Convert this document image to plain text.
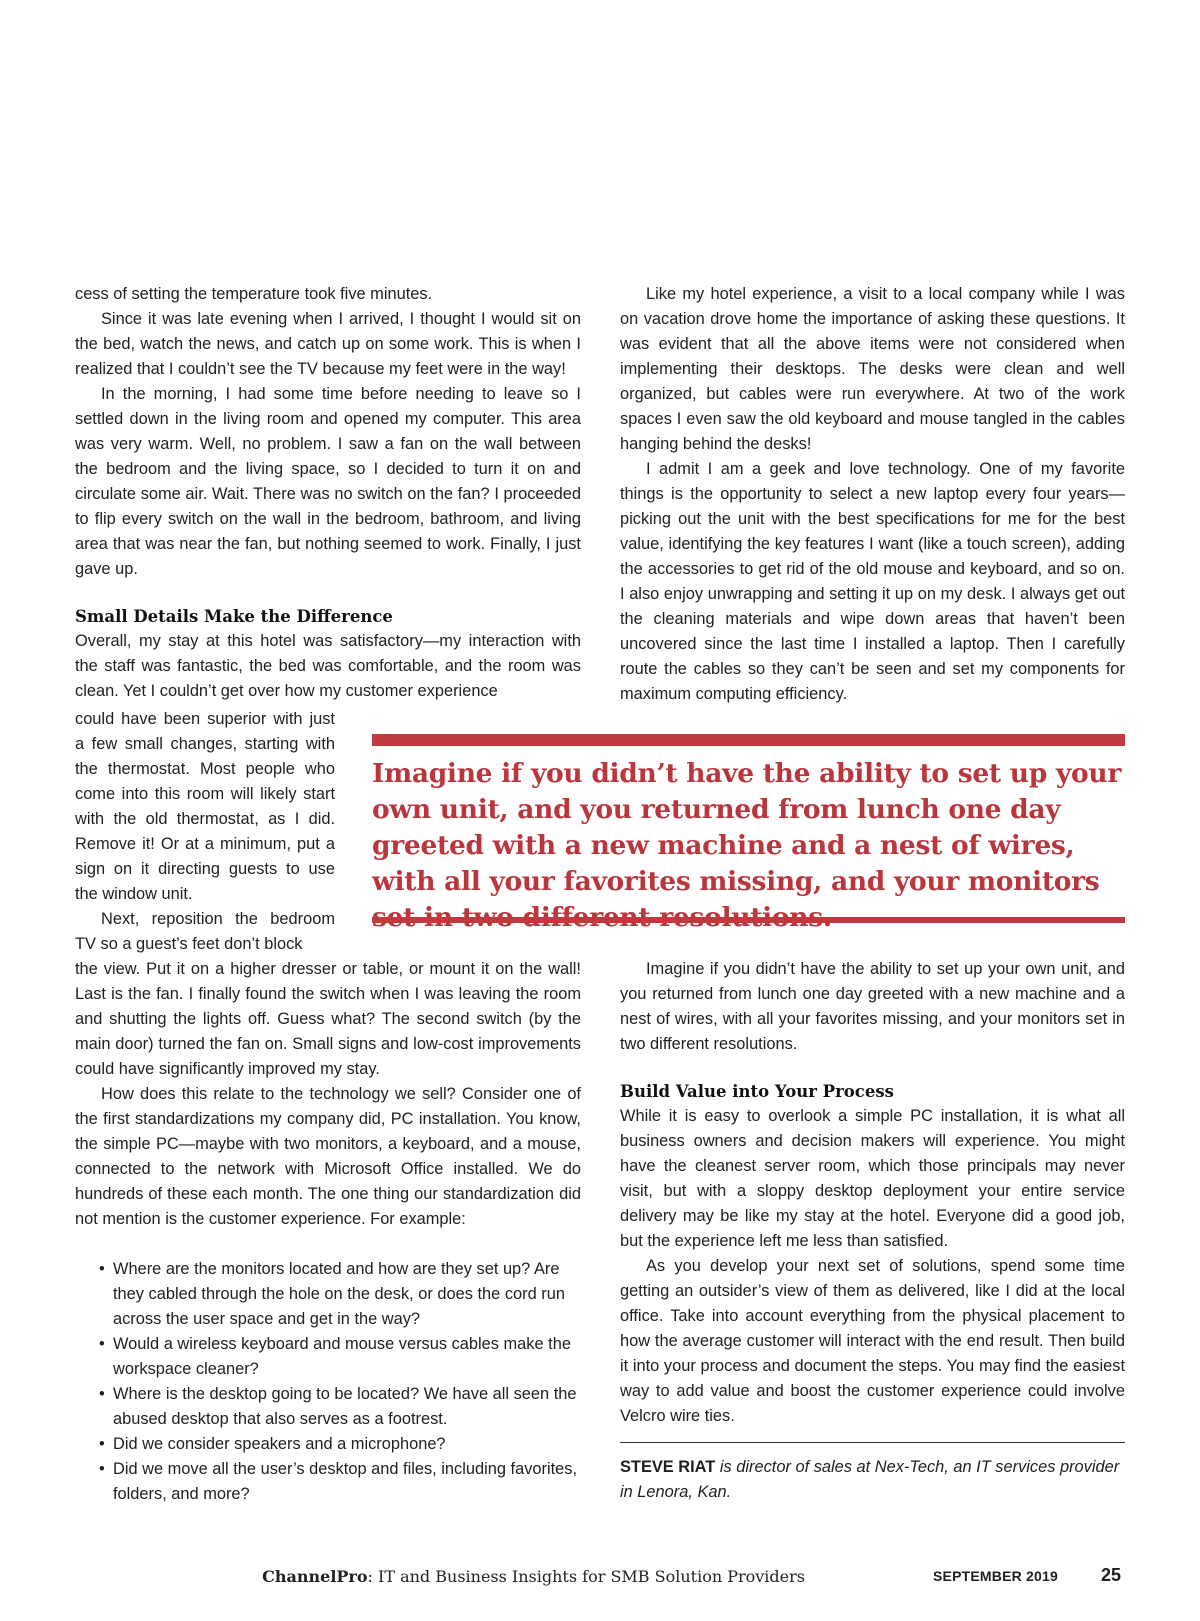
cess of setting the temperature took five minutes.

Since it was late evening when I arrived, I thought I would sit on the bed, watch the news, and catch up on some work. This is when I realized that I couldn’t see the TV because my feet were in the way!

In the morning, I had some time before needing to leave so I settled down in the living room and opened my computer. This area was very warm. Well, no problem. I saw a fan on the wall between the bedroom and the living space, so I decided to turn it on and circulate some air. Wait. There was no switch on the fan? I proceeded to flip every switch on the wall in the bedroom, bathroom, and living area that was near the fan, but nothing seemed to work. Finally, I just gave up.

Small Details Make the Difference

Overall, my stay at this hotel was satisfactory—my interaction with the staff was fantastic, the bed was comfortable, and the room was clean. Yet I couldn’t get over how my customer experience

could have been superior with just a few small changes, starting with the thermostat. Most people who come into this room will likely start with the old thermostat, as I did. Remove it! Or at a minimum, put a sign on it directing guests to use the window unit.

Next, reposition the bedroom TV so a guest’s feet don’t block

Imagine if you didn’t have the ability to set up your own unit, and you returned from lunch one day greeted with a new machine and a nest of wires, with all your favorites missing, and your monitors

the view. Put it on a higher dresser or table, or mount it on the wall! Last is the fan. I finally found the switch when I was leaving the room and shutting the lights off. Guess what? The second switch (by the main door) turned the fan on. Small signs and low-cost improvements could have significantly improved my stay.

How does this relate to the technology we sell? Consider one of the first standardizations my company did, PC installation. You know, the simple PC—maybe with two monitors, a keyboard, and a mouse, connected to the network with Microsoft Office installed. We do hundreds of these each month. The one thing our standardization did not mention is the customer experience. For example:

• Where are the monitors located and how are they set up? Are they cabled through the hole on the desk, or does the cord run across the user space and get in the way?
• Would a wireless keyboard and mouse versus cables make the workspace cleaner?
• Where is the desktop going to be located? We have all seen the abused desktop that also serves as a footrest.
• Did we consider speakers and a microphone?
• Did we move all the user’s desktop and files, including favorites, folders, and more?

Like my hotel experience, a visit to a local company while I was on vacation drove home the importance of asking these questions. It was evident that all the above items were not considered when implementing their desktops. The desks were clean and well organized, but cables were run everywhere. At two of the work spaces I even saw the old keyboard and mouse tangled in the cables hanging behind the desks!

I admit I am a geek and love technology. One of my favorite things is the opportunity to select a new laptop every four years—picking out the unit with the best specifications for me for the best value, identifying the key features I want (like a touch screen), adding the accessories to get rid of the old mouse and keyboard, and so on. I also enjoy unwrapping and setting it up on my desk. I always get out the cleaning materials and wipe down areas that haven’t been uncovered since the last time I installed a laptop. Then I carefully route the cables so they can’t be seen and set my components for maximum computing efficiency.

Imagine if you didn’t have the ability to set up your own unit, and you returned from lunch one day greeted with a new machine and a nest of wires, with all your favorites missing, and your monitors set in two different resolutions.

Build Value into Your Process

While it is easy to overlook a simple PC installation, it is what all business owners and decision makers will experience. You might have the cleanest server room, which those principals may never visit, but with a sloppy desktop deployment your entire service delivery may be like my stay at the hotel. Everyone did a good job, but the experience left me less than satisfied.

As you develop your next set of solutions, spend some time getting an outsider’s view of them as delivered, like I did at the local office. Take into account everything from the physical placement to how the average customer will interact with the end result. Then build it into your process and document the steps. You may find the easiest way to add value and boost the customer experience could involve Velcro wire ties.

STEVE RIAT is director of sales at Nex-Tech, an IT services provider in Lenora, Kan.
ChannelPro: IT and Business Insights for SMB Solution Providers	SEPTEMBER 2019 25
